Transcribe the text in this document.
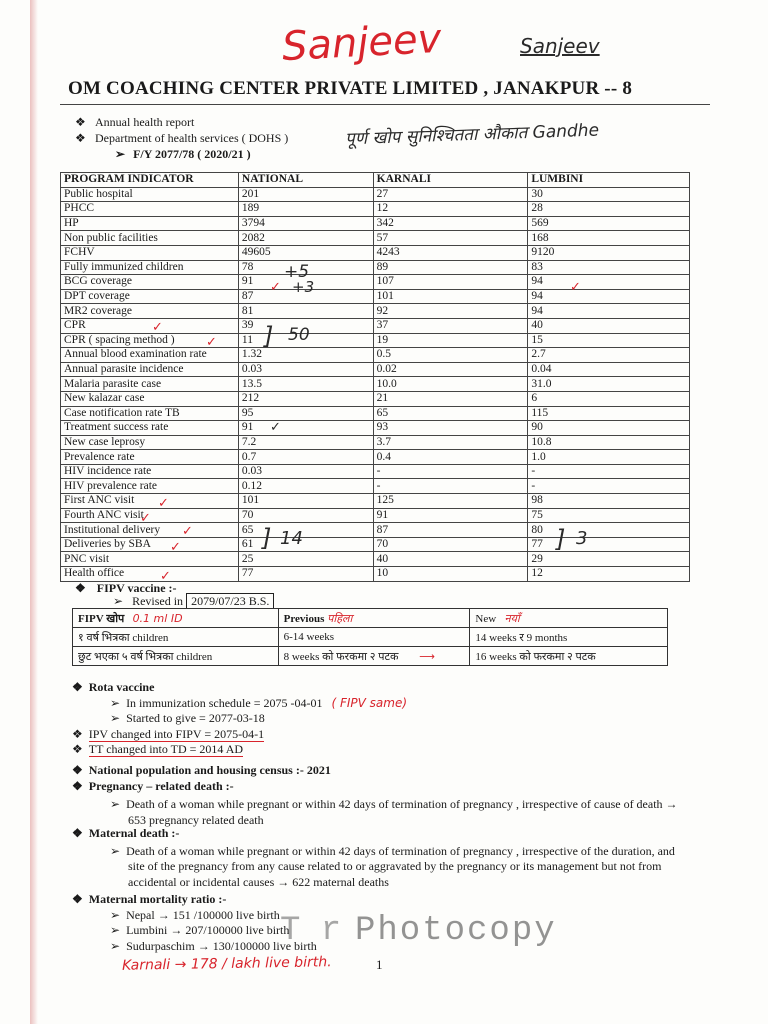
Sanjeev	Sanjeev
OM COACHING CENTER PRIVATE LIMITED , JANAKPUR -- 8
❖ Annual health report
❖ Department of health services ( DOHS )
➢ F/Y 2077/78 ( 2020/21 )
पूर्ण खोप सुनिश्चितता औकात Gandhe
PROGRAM INDICATOR	NATIONAL	KARNALI	LUMBINI
Public hospital	201	27	30
PHCC	189	12	28
HP	3794	342	569
Non public facilities	2082	57	168
FCHV	49605	4243	9120
Fully immunized children	78	89	83
BCG coverage	91	107	94
DPT coverage	87	101	94
MR2 coverage	81	92	94
CPR	39	37	40
CPR ( spacing method )	11	19	15
Annual blood examination rate	1.32	0.5	2.7
Annual parasite incidence	0.03	0.02	0.04
Malaria parasite case	13.5	10.0	31.0
New kalazar case	212	21	6
Case notification rate TB	95	65	115
Treatment success rate	91	93	90
New case leprosy	7.2	3.7	10.8
Prevalence rate	0.7	0.4	1.0
HIV incidence rate	0.03	-	-
HIV prevalence rate	0.12	-	-
First ANC visit	101	125	98
Fourth ANC visit	70	91	75
Institutional delivery	65	87	80
Deliveries by SBA	61	70	77
PNC visit	25	40	29
Health office	77	10	12
✓
✓
✓
✓
✓
✓
✓
✓
✓
✓
+5
+3
] 50
] 14	] 3
❖ FIPV vaccine :-
➢ Revised in 2079/07/23 B.S.
FIPV खोप 0.1 ml ID	Previous पहिला	New नयाँ
१ वर्ष भित्रका children	6-14 weeks	14 weeks र 9 months
छुट भएका ५ वर्ष भित्रका children	8 weeks को फरकमा २ पटक ⟶	16 weeks को फरकमा २ पटक
❖ Rota vaccine
➢ In immunization schedule = 2075 -04-01 ( FIPV same)
➢ Started to give = 2077-03-18
❖ IPV changed into FIPV = 2075-04-1
❖ TT changed into TD = 2014 AD
❖ National population and housing census :- 2021
❖ Pregnancy – related death :-
➢ Death of a woman while pregnant or within 42 days of termination of pregnancy , irrespective of cause of death →
653 pregnancy related death
❖ Maternal death :-
➢ Death of a woman while pregnant or within 42 days of termination of pregnancy , irrespective of the duration, and
site of the pregnancy from any cause related to or aggravated by the pregnancy or its management but not from
accidental or incidental causes → 622 maternal deaths
❖ Maternal mortality ratio :-
➢ Nepal → 151 /100000 live birth
➢ Lumbini → 207/100000 live birth
➢ Sudurpaschim → 130/100000 live birth
T r Photocopy
Karnali → 178 / lakh live birth.	1
